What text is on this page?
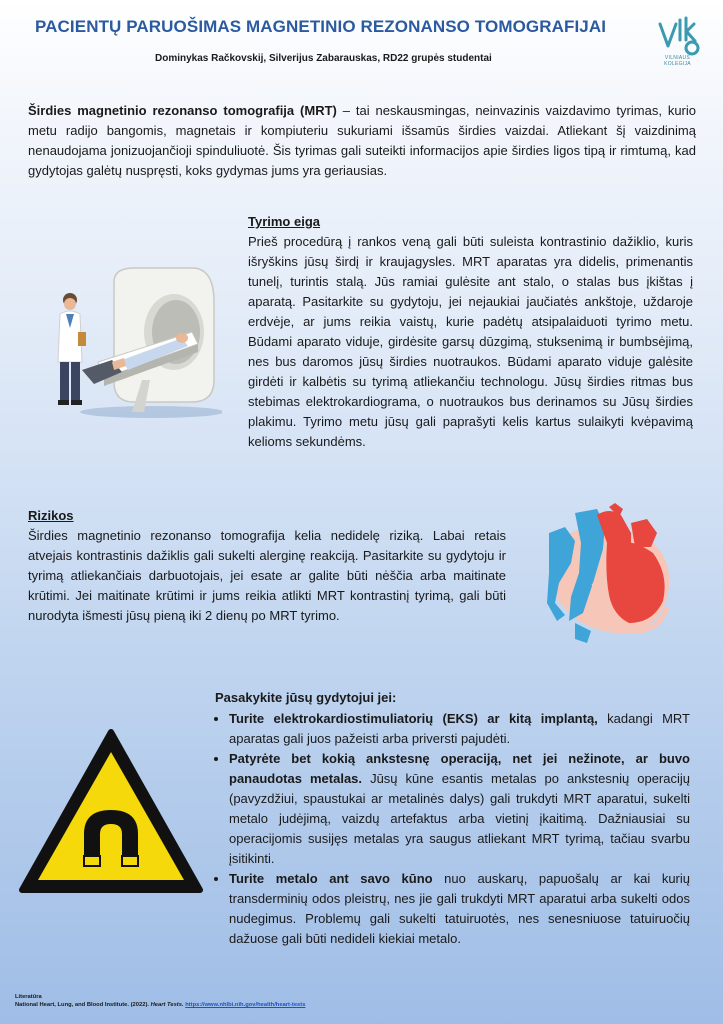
PACIENTŲ PARUOŠIMAS MAGNETINIO REZONANSO TOMOGRAFIJAI
Dominykas Račkovskij, Silverijus Zabarauskas, RD22 grupės studentai	VILNIAUS KOLEGIJA
Širdies magnetinio rezonanso tomografija (MRT) – tai neskausmingas, neinvazinis vaizdavimo tyrimas, kurio metu radijo bangomis, magnetais ir kompiuteriu sukuriami išsamūs širdies vaizdai. Atliekant šį vaizdinimą nenaudojama jonizuojančioji spinduliuotė. Šis tyrimas gali suteikti informacijos apie širdies ligos tipą ir rimtumą, kad gydytojas galėtų nuspręsti, koks gydymas jums yra geriausias.
Tyrimo eiga
Prieš procedūrą į rankos veną gali būti suleista kontrastinio dažiklio, kuris išryškins jūsų širdį ir kraujagysles. MRT aparatas yra didelis, primenantis tunelį, turintis stalą. Jūs ramiai gulėsite ant stalo, o stalas bus įkištas į aparatą. Pasitarkite su gydytoju, jei nejaukiai jaučiatės ankštoje, uždaroje erdvėje, ar jums reikia vaistų, kurie padėtų atsipalaiduoti tyrimo metu. Būdami aparato viduje, girdėsite garsų dūzgimą, stuksenimą ir bumbsėjimą, nes bus daromos jūsų širdies nuotraukos. Būdami aparato viduje galėsite girdėti ir kalbėtis su tyrimą atliekančiu technologu. Jūsų širdies ritmas bus stebimas elektrokardiograma, o nuotraukos bus derinamos su Jūsų širdies plakimu. Tyrimo metu jūsų gali paprašyti kelis kartus sulaikyti kvėpavimą kelioms sekundėms.
Rizikos
Širdies magnetinio rezonanso tomografija kelia nedidelę riziką. Labai retais atvejais kontrastinis dažiklis gali sukelti alerginę reakciją. Pasitarkite su gydytoju ir tyrimą atliekančiais darbuotojais, jei esate ar galite būti nėščia arba maitinate krūtimi. Jei maitinate krūtimi ir jums reikia atlikti MRT kontrastinį tyrimą, gali būti nurodyta išmesti jūsų pieną iki 2 dienų po MRT tyrimo.
Pasakykite jūsų gydytojui jei:
• Turite elektrokardiostimuliatorių (EKS) ar kitą implantą, kadangi MRT aparatas gali juos pažeisti arba priversti pajudėti.
• Patyrėte bet kokią ankstesnę operaciją, net jei nežinote, ar buvo panaudotas metalas. Jūsų kūne esantis metalas po ankstesnių operacijų (pavyzdžiui, spaustukai ar metalinės dalys) gali trukdyti MRT aparatui, sukelti metalo judėjimą, vaizdų artefaktus arba vietinį įkaitimą. Dažniausiai su operacijomis susijęs metalas yra saugus atliekant MRT tyrimą, tačiau svarbu įsitikinti.
• Turite metalo ant savo kūno nuo auskarų, papuošalų ar kai kurių transderminių odos pleistrų, nes jie gali trukdyti MRT aparatui arba sukelti odos nudegimus. Problemų gali sukelti tatuiruotės, nes senesniuose tatuiruočių dažuose gali būti nedideli kiekiai metalo.
Literatūra
National Heart, Lung, and Blood Institute. (2022). Heart Tests. https://www.nhlbi.nih.gov/health/heart-tests
